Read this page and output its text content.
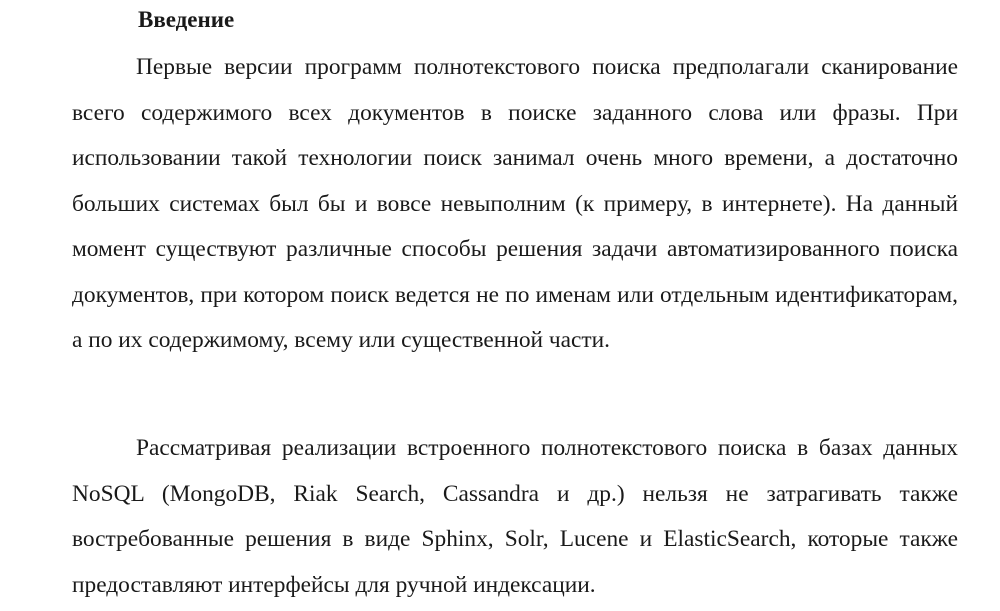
Введение

Первые версии программ полнотекстового поиска предполагали сканирование всего содержимого всех документов в поиске заданного слова или фразы. При использовании такой технологии поиск занимал очень много времени, а достаточно больших системах был бы и вовсе невыполним (к примеру, в интернете). На данный момент существуют различные способы решения задачи автоматизированного поиска документов, при котором поиск ведется не по именам или отдельным идентификаторам, а по их содержимому, всему или существенной части.

Рассматривая реализации встроенного полнотекстового поиска в базах данных NoSQL (MongoDB, Riak Search, Cassandra и др.) нельзя не затрагивать также востребованные решения в виде Sphinx, Solr, Lucene и ElasticSearch, которые также предоставляют интерфейсы для ручной индексации.
